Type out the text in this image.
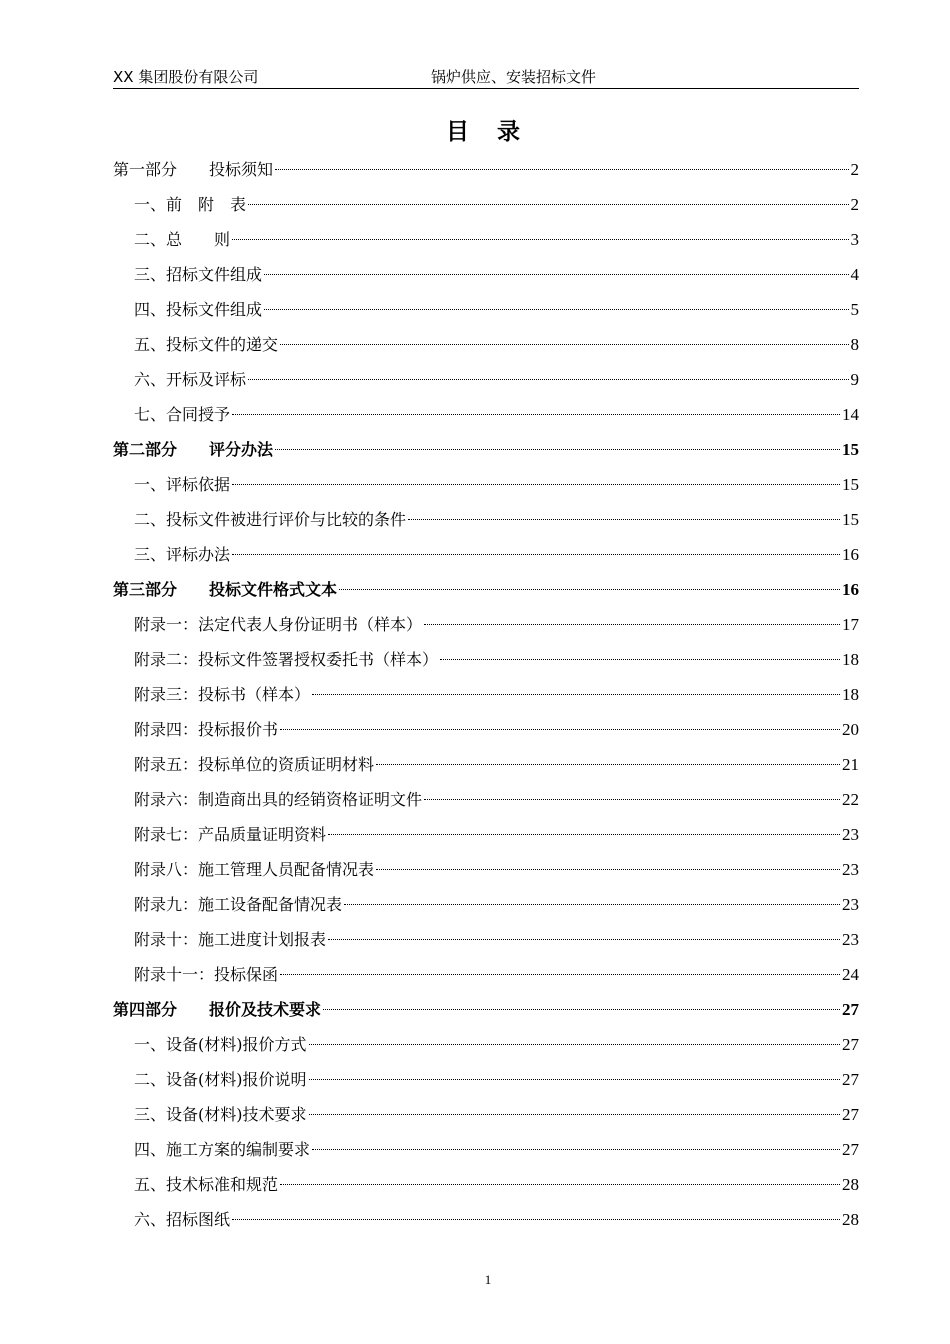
XX 集团股份有限公司	锅炉供应、安装招标文件
目 录
第一部分　　投标须知	2
一、前　附　表	2
二、总　　则	3
三、招标文件组成	4
四、投标文件组成	5
五、投标文件的递交	8
六、开标及评标	9
七、合同授予	14
第二部分　　评分办法	15
一、评标依据	15
二、投标文件被进行评价与比较的条件	15
三、评标办法	16
第三部分　　投标文件格式文本	16
附录一：法定代表人身份证明书（样本）	17
附录二：投标文件签署授权委托书（样本）	18
附录三：投标书（样本）	18
附录四：投标报价书	20
附录五：投标单位的资质证明材料	21
附录六：制造商出具的经销资格证明文件	22
附录七：产品质量证明资料	23
附录八：施工管理人员配备情况表	23
附录九：施工设备配备情况表	23
附录十：施工进度计划报表	23
附录十一：投标保函	24
第四部分　　报价及技术要求	27
一、设备(材料)报价方式	27
二、设备(材料)报价说明	27
三、设备(材料)技术要求	27
四、施工方案的编制要求	27
五、技术标准和规范	28
六、招标图纸	28
1
